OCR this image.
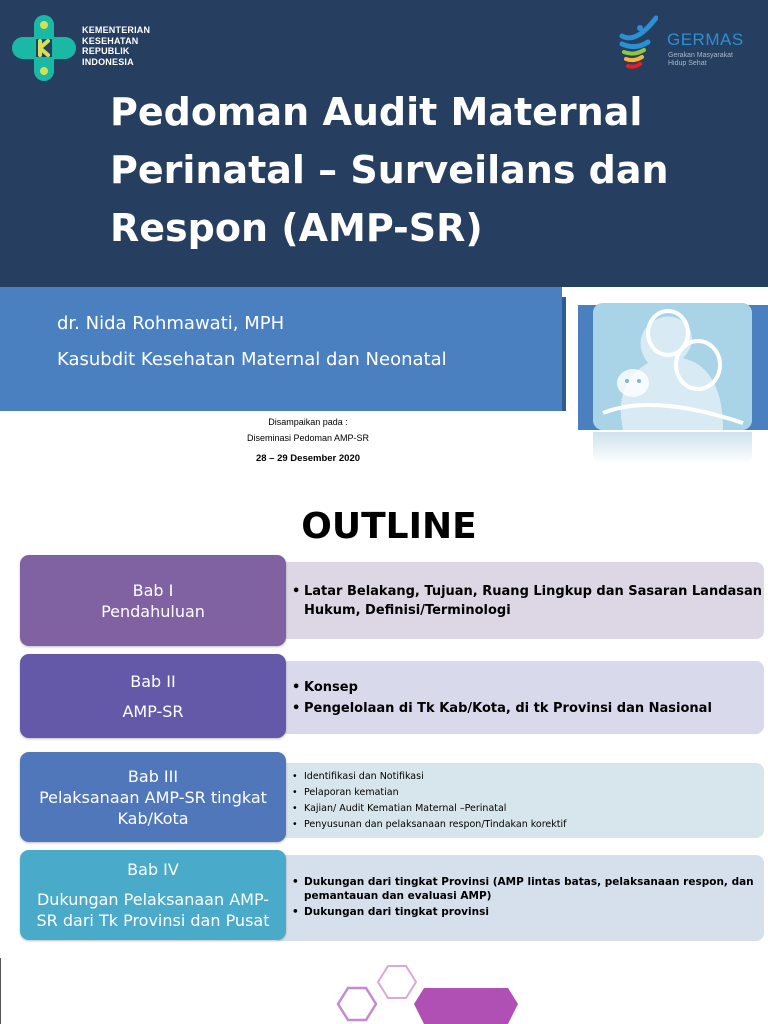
KEMENTERIAN
KESEHATAN
REPUBLIK
INDONESIA
GERMAS
Gerakan Masyarakat Hidup Sehat
Pedoman Audit Maternal
Perinatal – Surveilans dan
Respon (AMP-SR)
dr. Nida Rohmawati, MPH
Kasubdit Kesehatan Maternal dan Neonatal
Disampaikan pada :
Diseminasi Pedoman AMP-SR
28 – 29 Desember 2020
OUTLINE
• Latar Belakang, Tujuan, Ruang Lingkup dan Sasaran Landasan Hukum, Definisi/Terminologi
Bab I
Pendahuluan
• Konsep
• Pengelolaan di Tk Kab/Kota, di tk Provinsi dan Nasional
Bab II
AMP-SR
• Identifikasi dan Notifikasi
• Pelaporan kematian
• Kajian/ Audit Kematian Maternal –Perinatal
• Penyusunan dan pelaksanaan respon/Tindakan korektif
Bab III
Pelaksanaan AMP-SR tingkat
Kab/Kota
• Dukungan dari tingkat Provinsi (AMP lintas batas, pelaksanaan respon, dan pemantauan dan evaluasi AMP)
• Dukungan dari tingkat provinsi
Bab IV
Dukungan Pelaksanaan AMP-
SR dari Tk Provinsi dan Pusat
